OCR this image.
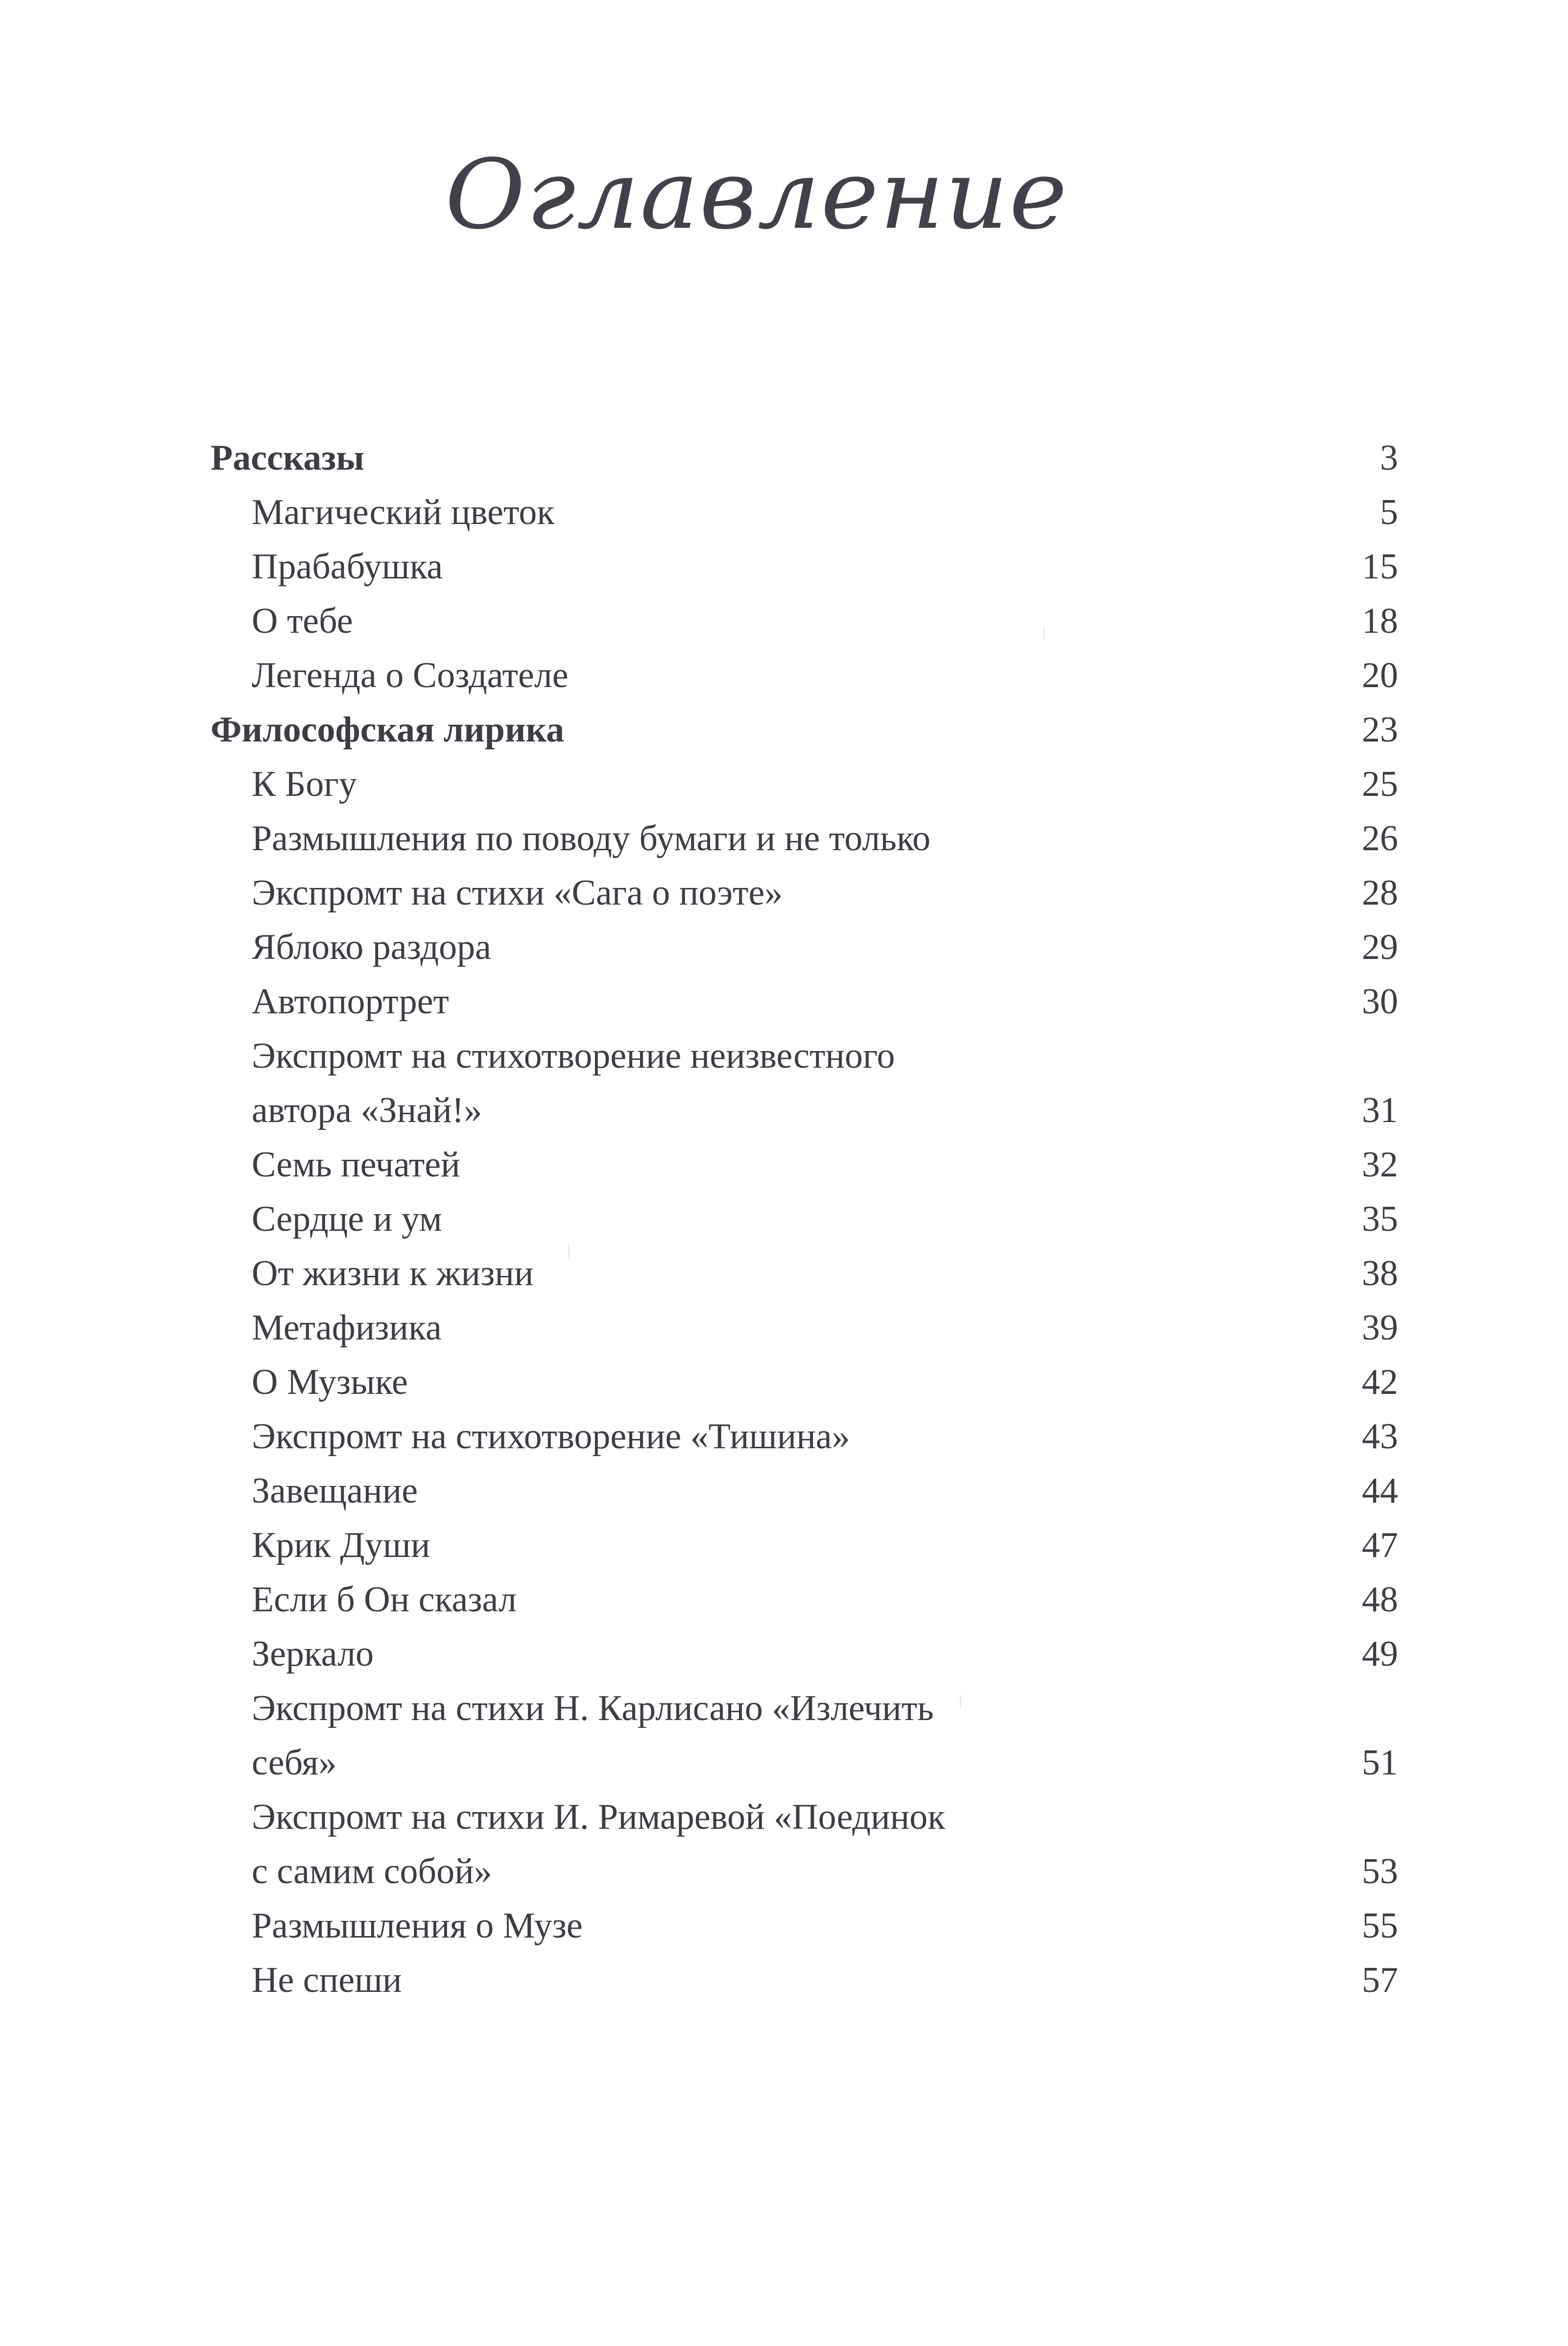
Оглавление
Рассказы	3
Магический цветок	5
Прабабушка	15
О тебе	18
Легенда о Создателе	20
Философская лирика	23
К Богу	25
Размышления по поводу бумаги и не только	26
Экспромт на стихи «Сага о поэте»	28
Яблоко раздора	29
Автопортрет	30
Экспромт на стихотворение неизвестного
автора «Знай!»	31
Семь печатей	32
Сердце и ум	35
От жизни к жизни	38
Метафизика	39
О Музыке	42
Экспромт на стихотворение «Тишина»	43
Завещание	44
Крик Души	47
Если б Он сказал	48
Зеркало	49
Экспромт на стихи Н. Карлисано «Излечить
себя»	51
Экспромт на стихи И. Римаревой «Поединок
с самим собой»	53
Размышления о Музе	55
Не спеши	57
